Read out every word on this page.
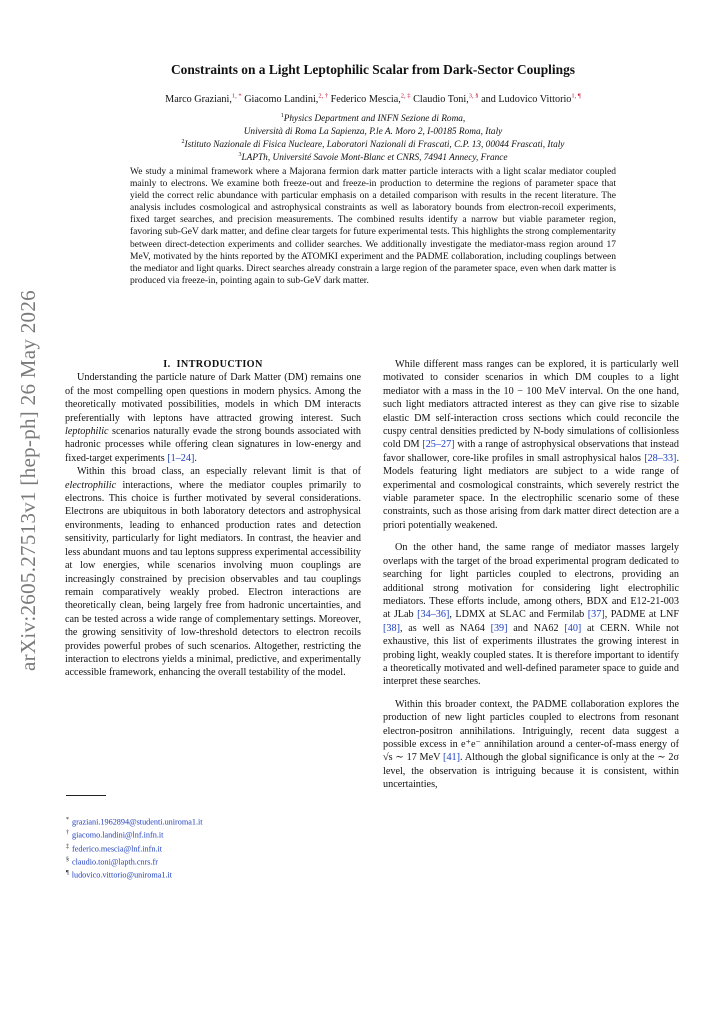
arXiv:2605.27513v1 [hep-ph] 26 May 2026
Constraints on a Light Leptophilic Scalar from Dark-Sector Couplings
Marco Graziani,$^{1, *}$ Giacomo Landini,$^{2, \dagger}$ Federico Mescia,$^{2, \ddagger}$ Claudio Toni,$^{3, \S}$ and Ludovico Vittorio$^{1, \P}$
$^1$Physics Department and INFN Sezione di Roma,
Università di Roma La Sapienza, P.le A. Moro 2, I-00185 Roma, Italy
$^2$Istituto Nazionale di Fisica Nucleare, Laboratori Nazionali di Frascati, C.P. 13, 00044 Frascati, Italy
$^3$LAPTh, Université Savoie Mont-Blanc et CNRS, 74941 Annecy, France
We study a minimal framework where a Majorana fermion dark matter particle interacts with a light scalar mediator coupled mainly to electrons. We examine both freeze-out and freeze-in production to determine the regions of parameter space that yield the correct relic abundance with particular emphasis on a detailed comparison with results in the recent literature. The analysis includes cosmological and astrophysical constraints as well as laboratory bounds from electron-recoil experiments, fixed target searches, and precision measurements. The combined results identify a narrow but viable parameter region, favoring sub-GeV dark matter, and define clear targets for future experimental tests. This highlights the strong complementarity between direct-detection experiments and collider searches. We additionally investigate the mediator-mass region around 17 MeV, motivated by the hints reported by the ATOMKI experiment and the PADME collaboration, including couplings between the mediator and light quarks. Direct searches already constrain a large region of the parameter space, even when dark matter is produced via freeze-in, pointing again to sub-GeV dark matter.

I. INTRODUCTION

Understanding the particle nature of Dark Matter (DM) remains one of the most compelling open questions in modern physics. Among the theoretically motivated possibilities, models in which DM interacts preferentially with leptons have attracted growing interest. Such leptophilic scenarios naturally evade the strong bounds associated with hadronic processes while offering clean signatures in low-energy and fixed-target experiments [1–24].

Within this broad class, an especially relevant limit is that of electrophilic interactions, where the mediator couples primarily to electrons. This choice is further motivated by several considerations. Electrons are ubiquitous in both laboratory detectors and astrophysical environments, leading to enhanced production rates and detection sensitivity, particularly for light mediators. In contrast, the heavier and less abundant muons and tau leptons suppress experimental accessibility at low energies, while scenarios involving muon couplings are increasingly constrained by precision observables and tau couplings remain comparatively weakly probed. Electron interactions are theoretically clean, being largely free from hadronic uncertainties, and can be tested across a wide range of complementary settings. Moreover, the growing sensitivity of low-threshold detectors to electron recoils provides powerful probes of such scenarios. Altogether, restricting the interaction to electrons yields a minimal, predictive, and experimentally accessible framework, enhancing the overall testability of the model.

* graziani.1962894@studenti.uniroma1.it
† giacomo.landini@lnf.infn.it
‡ federico.mescia@lnf.infn.it
§ claudio.toni@lapth.cnrs.fr
¶ ludovico.vittorio@uniroma1.it

While different mass ranges can be explored, it is particularly well motivated to consider scenarios in which DM couples to a light mediator with a mass in the 10 − 100 MeV interval. On the one hand, such light mediators attracted interest as they can give rise to sizable elastic DM self-interaction cross sections which could reconcile the cuspy central densities predicted by N-body simulations of collisionless cold DM [25–27] with a range of astrophysical observations that instead favor shallower, core-like profiles in small astrophysical halos [28–33]. Models featuring light mediators are subject to a wide range of experimental and cosmological constraints, which severely restrict the viable parameter space. In the electrophilic scenario some of these constraints, such as those arising from dark matter direct detection are a priori potentially weakened.

On the other hand, the same range of mediator masses largely overlaps with the target of the broad experimental program dedicated to searching for light particles coupled to electrons, providing an additional strong motivation for considering light electrophilic mediators. These efforts include, among others, BDX and E12-21-003 at JLab [34–36], LDMX at SLAC and Fermilab [37], PADME at LNF [38], as well as NA64 [39] and NA62 [40] at CERN. While not exhaustive, this list of experiments illustrates the growing interest in probing light, weakly coupled states. It is therefore important to identify a theoretically motivated and well-defined parameter space to guide and interpret these searches.

Within this broader context, the PADME collaboration explores the production of new light particles coupled to electrons from resonant electron-positron annihilations. Intriguingly, recent data suggest a possible excess in e⁺e⁻ annihilation around a center-of-mass energy of √s ∼ 17 MeV [41]. Although the global significance is only at the ∼ 2σ level, the observation is intriguing because it is consistent, within uncertainties,
